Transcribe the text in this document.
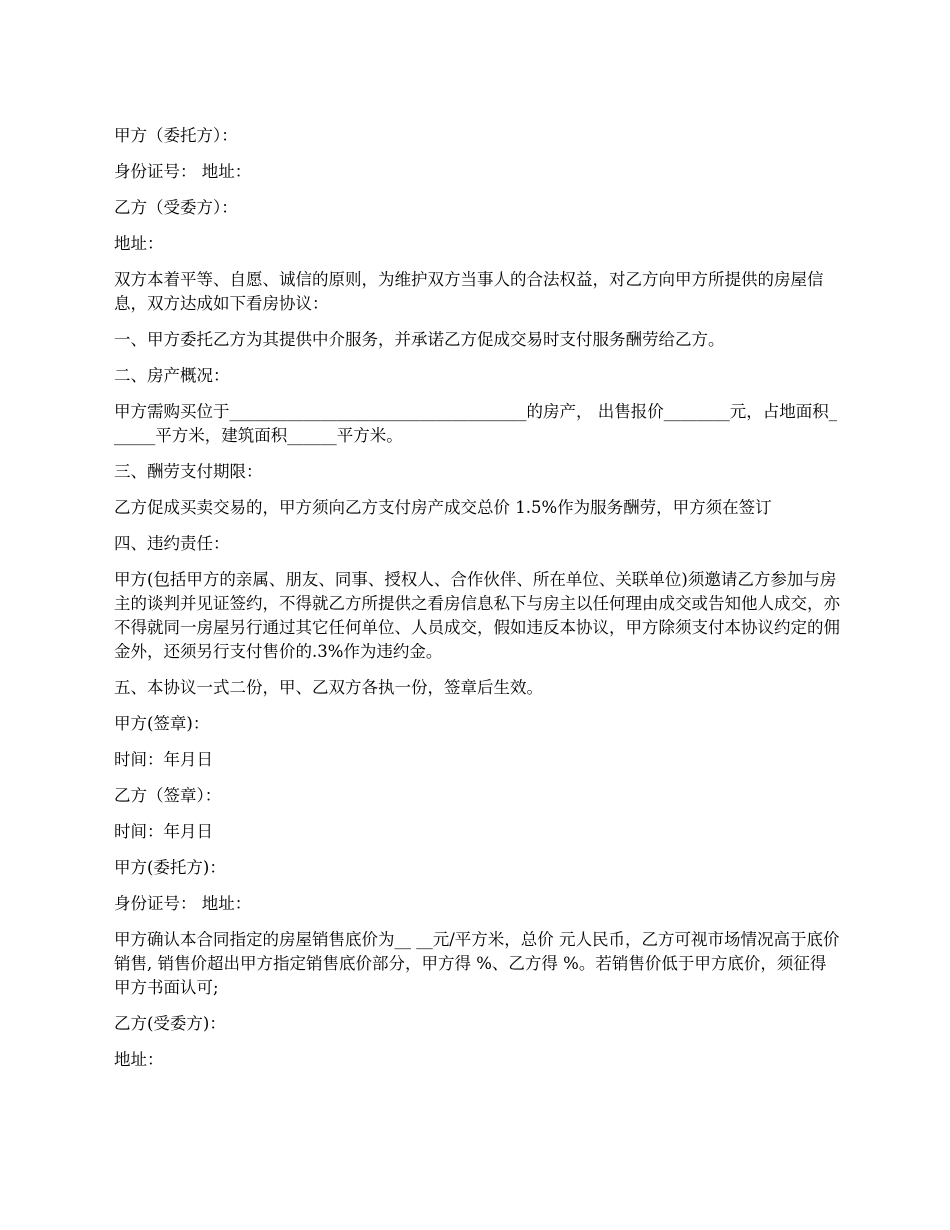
甲方（委托方）：

身份证号： 地址：

乙方（受委方）：

地址：

双方本着平等、自愿、诚信的原则，为维护双方当事人的合法权益，对乙方向甲方所提供的房屋信息，双方达成如下看房协议：

一、甲方委托乙方为其提供中介服务，并承诺乙方促成交易时支付服务酬劳给乙方。

二、房产概况：

甲方需购买位于____________________________________的房产， 出售报价________元，占地面积______平方米，建筑面积______平方米。

三、酬劳支付期限：

乙方促成买卖交易的，甲方须向乙方支付房产成交总价 1.5%作为服务酬劳，甲方须在签订

四、违约责任：

甲方(包括甲方的亲属、朋友、同事、授权人、合作伙伴、所在单位、关联单位)须邀请乙方参加与房主的谈判并见证签约，不得就乙方所提供之看房信息私下与房主以任何理由成交或告知他人成交，亦不得就同一房屋另行通过其它任何单位、人员成交，假如违反本协议，甲方除须支付本协议约定的佣金外，还须另行支付售价的.3%作为违约金。

五、本协议一式二份，甲、乙双方各执一份，签章后生效。

甲方(签章)：

时间：年月日

乙方（签章）：

时间：年月日

甲方(委托方)：

身份证号： 地址：

甲方确认本合同指定的房屋销售底价为__ __元/平方米，总价 元人民币，乙方可视市场情况高于底价销售, 销售价超出甲方指定销售底价部分，甲方得 %、乙方得 %。若销售价低于甲方底价，须征得甲方书面认可;

乙方(受委方)：

地址：
